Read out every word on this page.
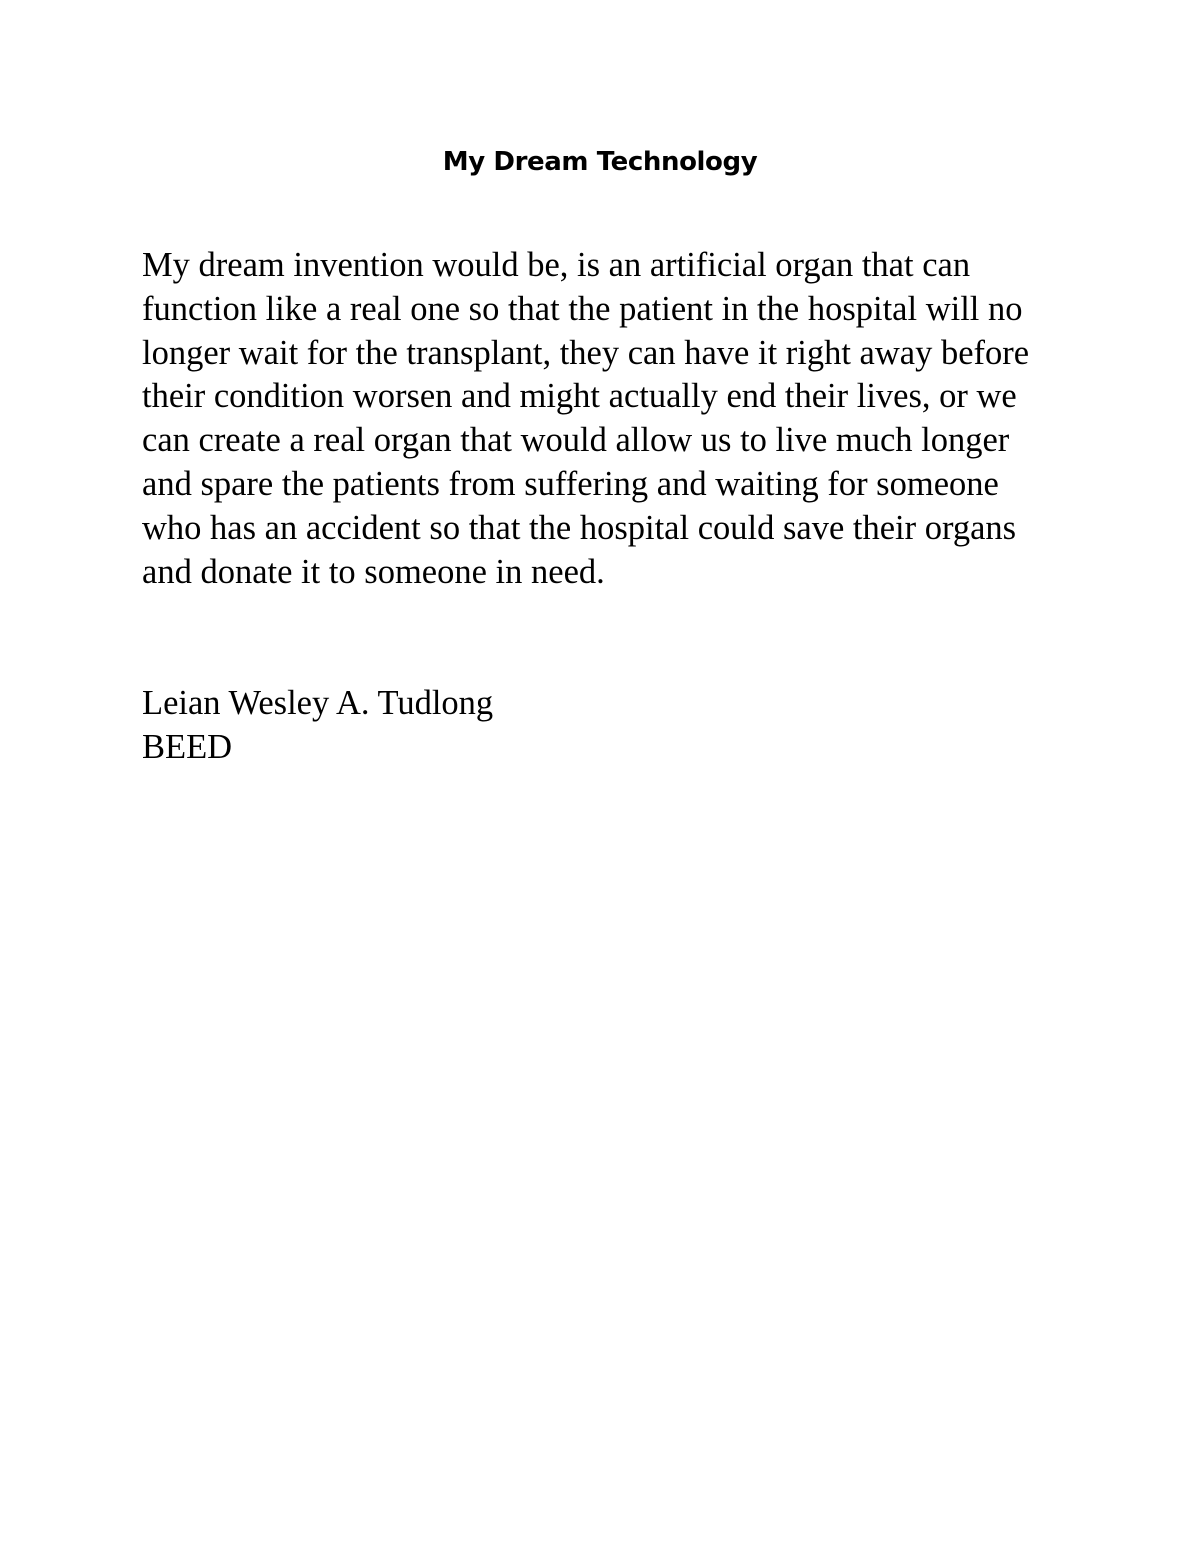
My Dream Technology
My dream invention would be, is an artificial organ that can
function like a real one so that the patient in the hospital will no
longer wait for the transplant, they can have it right away before
their condition worsen and might actually end their lives, or we
can create a real organ that would allow us to live much longer
and spare the patients from suffering and waiting for someone
who has an accident so that the hospital could save their organs
and donate it to someone in need.
Leian Wesley A. Tudlong
BEED
